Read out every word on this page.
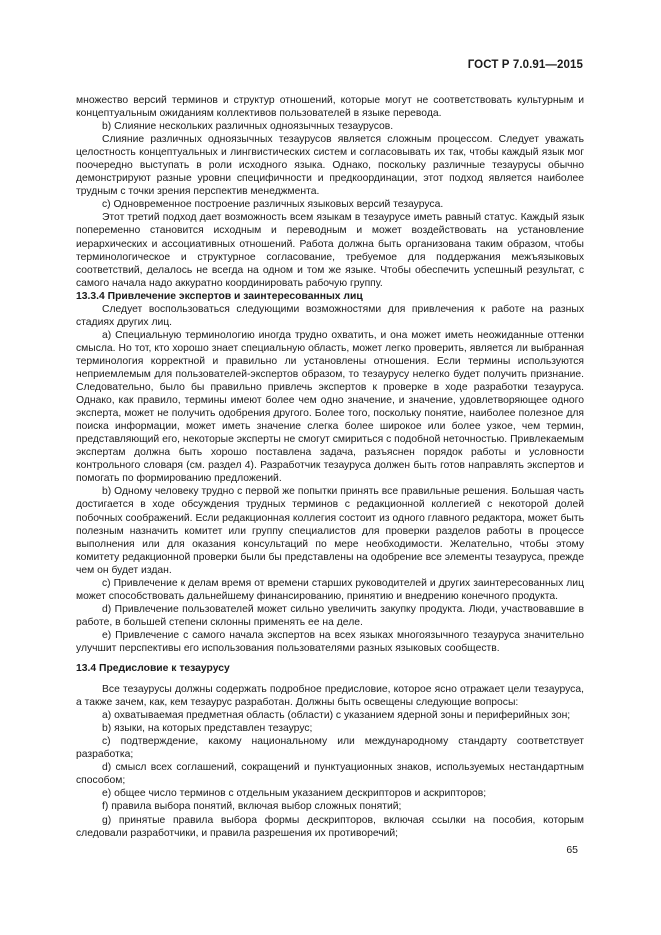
ГОСТ Р 7.0.91—2015

множество версий терминов и структур отношений, которые могут не соответствовать культурным и концептуальным ожиданиям коллективов пользователей в языке перевода.

b) Слияние нескольких различных одноязычных тезаурусов.

Слияние различных одноязычных тезаурусов является сложным процессом. Следует уважать целостность концептуальных и лингвистических систем и согласовывать их так, чтобы каждый язык мог поочередно выступать в роли исходного языка. Однако, поскольку различные тезаурусы обычно демонстрируют разные уровни специфичности и предкоординации, этот подход является наиболее трудным с точки зрения перспектив менеджмента.

c) Одновременное построение различных языковых версий тезауруса.

Этот третий подход дает возможность всем языкам в тезаурусе иметь равный статус. Каждый язык попеременно становится исходным и переводным и может воздействовать на установление иерархических и ассоциативных отношений. Работа должна быть организована таким образом, чтобы терминологическое и структурное согласование, требуемое для поддержания межъязыковых соответствий, делалось не всегда на одном и том же языке. Чтобы обеспечить успешный результат, с самого начала надо аккуратно координировать рабочую группу.

13.3.4 Привлечение экспертов и заинтересованных лиц

Следует воспользоваться следующими возможностями для привлечения к работе на разных стадиях других лиц.

a) Специальную терминологию иногда трудно охватить, и она может иметь неожиданные оттенки смысла. Но тот, кто хорошо знает специальную область, может легко проверить, является ли выбранная терминология корректной и правильно ли установлены отношения. Если термины используются неприемлемым для пользователей-экспертов образом, то тезаурусу нелегко будет получить признание. Следовательно, было бы правильно привлечь экспертов к проверке в ходе разработки тезауруса. Однако, как правило, термины имеют более чем одно значение, и значение, удовлетворяющее одного эксперта, может не получить одобрения другого. Более того, поскольку понятие, наиболее полезное для поиска информации, может иметь значение слегка более широкое или более узкое, чем термин, представляющий его, некоторые эксперты не смогут смириться с подобной неточностью. Привлекаемым экспертам должна быть хорошо поставлена задача, разъяснен порядок работы и условности контрольного словаря (см. раздел 4). Разработчик тезауруса должен быть готов направлять экспертов и помогать по формированию предложений.

b) Одному человеку трудно с первой же попытки принять все правильные решения. Большая часть достигается в ходе обсуждения трудных терминов с редакционной коллегией с некоторой долей побочных соображений. Если редакционная коллегия состоит из одного главного редактора, может быть полезным назначить комитет или группу специалистов для проверки разделов работы в процессе выполнения или для оказания консультаций по мере необходимости. Желательно, чтобы этому комитету редакционной проверки были бы представлены на одобрение все элементы тезауруса, прежде чем он будет издан.

c) Привлечение к делам время от времени старших руководителей и других заинтересованных лиц может способствовать дальнейшему финансированию, принятию и внедрению конечного продукта.

d) Привлечение пользователей может сильно увеличить закупку продукта. Люди, участвовавшие в работе, в большей степени склонны применять ее на деле.

e) Привлечение с самого начала экспертов на всех языках многоязычного тезауруса значительно улучшит перспективы его использования пользователями разных языковых сообществ.

13.4 Предисловие к тезаурусу

Все тезаурусы должны содержать подробное предисловие, которое ясно отражает цели тезауруса, а также зачем, как, кем тезаурус разработан. Должны быть освещены следующие вопросы:

a) охватываемая предметная область (области) с указанием ядерной зоны и периферийных зон;

b) языки, на которых представлен тезаурус;

c) подтверждение, какому национальному или международному стандарту соответствует разработка;

d) смысл всех соглашений, сокращений и пунктуационных знаков, используемых нестандартным способом;

e) общее число терминов с отдельным указанием дескрипторов и аскрипторов;

f) правила выбора понятий, включая выбор сложных понятий;

g) принятые правила выбора формы дескрипторов, включая ссылки на пособия, которым следовали разработчики, и правила разрешения их противоречий;

65
